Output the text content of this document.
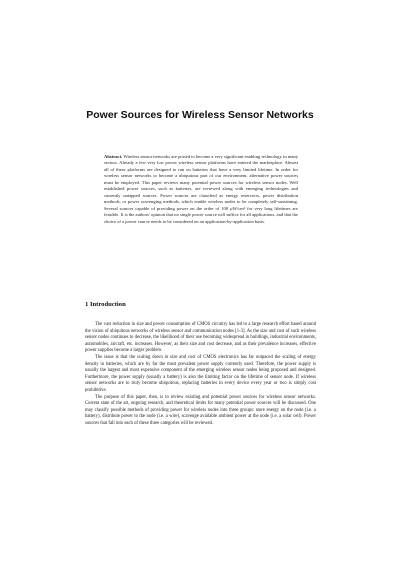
Power Sources for Wireless Sensor Networks
Abstract. Wireless sensor networks are poised to become a very significant enabling technology in many sectors. Already a few very low power wireless sensor platforms have entered the marketplace. Almost all of these platforms are designed to run on batteries that have a very limited lifetime. In order for wireless sensor networks to become a ubiquitous part of our environment, alternative power sources must be employed. This paper reviews many potential power sources for wireless sensor nodes. Well established power sources, such as batteries, are reviewed along with emerging technologies and currently untapped sources. Power sources are classified as energy reservoirs, power distribution methods, or power scavenging methods, which enable wireless nodes to be completely self-sustaining. Several sources capable of providing power on the order of 100 µW/cm³ for very long lifetimes are feasible. It is the authors' opinion that no single power source will suffice for all applications, and that the choice of a power source needs to be considered on an application-by-application basis.
1 Introduction

The vast reduction in size and power consumption of CMOS circuitry has led to a large research effort based around the vision of ubiquitous networks of wireless sensor and communication nodes [1-3]. As the size and cost of such wireless sensor nodes continues to decrease, the likelihood of their use becoming widespread in buildings, industrial environments, automobiles, aircraft, etc. increases. However, as their size and cost decrease, and as their prevalence increases, effective power supplies become a larger problem.

The issue is that the scaling down in size and cost of CMOS electronics has far outpaced the scaling of energy density in batteries, which are by far the most prevalent power supply currently used. Therefore, the power supply is usually the largest and most expensive component of the emerging wireless sensor nodes being proposed and designed. Furthermore, the power supply (usually a battery) is also the limiting factor on the lifetime of sensor node. If wireless sensor networks are to truly become ubiquitous, replacing batteries in every device every year or two is simply cost prohibitive.

The purpose of this paper, then, is to review existing and potential power sources for wireless sensor networks. Current state of the art, ongoing research, and theoretical limits for many potential power sources will be discussed. One may classify possible methods of providing power for wireless nodes into three groups: store energy on the node (i.e. a battery), distribute power to the node (i.e. a wire), scavenge available ambient power at the node (i.e. a solar cell). Power sources that fall into each of these three categories will be reviewed.
